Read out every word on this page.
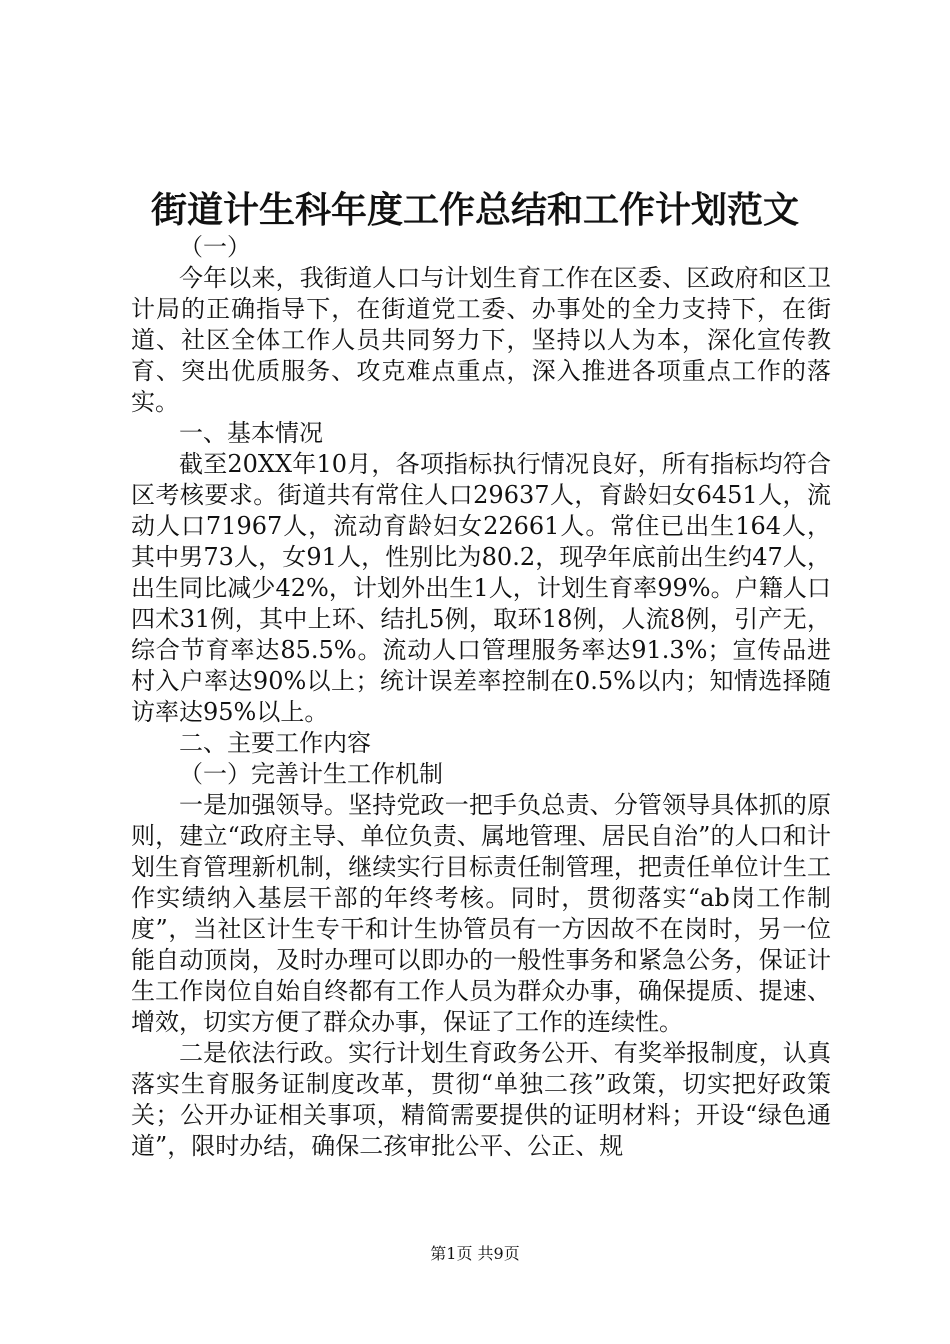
街道计生科年度工作总结和工作计划范文

（一）

今年以来，我街道人口与计划生育工作在区委、区政府和区卫计局的正确指导下，在街道党工委、办事处的全力支持下，在街道、社区全体工作人员共同努力下，坚持以人为本，深化宣传教育、突出优质服务、攻克难点重点，深入推进各项重点工作的落实。

一、基本情况

截至20XX年10月，各项指标执行情况良好，所有指标均符合区考核要求。街道共有常住人口29637人，育龄妇女6451人，流动人口71967人，流动育龄妇女22661人。常住已出生164人，其中男73人，女91人，性别比为80.2，现孕年底前出生约47人，出生同比减少42%，计划外出生1人，计划生育率99%。户籍人口四术31例，其中上环、结扎5例，取环18例，人流8例，引产无，综合节育率达85.5%。流动人口管理服务率达91.3%；宣传品进村入户率达90%以上；统计误差率控制在0.5%以内；知情选择随访率达95%以上。

二、主要工作内容

（一）完善计生工作机制

一是加强领导。坚持党政一把手负总责、分管领导具体抓的原则，建立“政府主导、单位负责、属地管理、居民自治”的人口和计划生育管理新机制，继续实行目标责任制管理，把责任单位计生工作实绩纳入基层干部的年终考核。同时，贯彻落实“ab岗工作制度”，当社区计生专干和计生协管员有一方因故不在岗时，另一位能自动顶岗，及时办理可以即办的一般性事务和紧急公务，保证计生工作岗位自始自终都有工作人员为群众办事，确保提质、提速、增效，切实方便了群众办事，保证了工作的连续性。

二是依法行政。实行计划生育政务公开、有奖举报制度，认真落实生育服务证制度改革，贯彻“单独二孩”政策，切实把好政策关；公开办证相关事项，精简需要提供的证明材料；开设“绿色通道”，限时办结，确保二孩审批公平、公正、规

第1页 共9页
